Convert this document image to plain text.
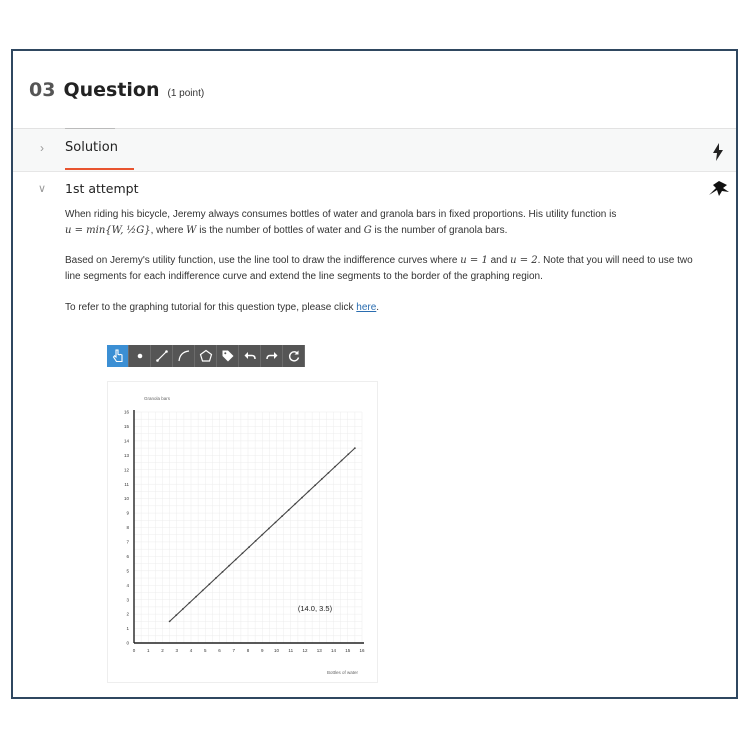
03 Question (1 point)
› Solution
∨ 1st attempt
When riding his bicycle, Jeremy always consumes bottles of water and granola bars in fixed proportions. His utility function is
u = min{W, ½G}, where W is the number of bottles of water and G is the number of granola bars.
Based on Jeremy's utility function, use the line tool to draw the indifference curves where u = 1 and u = 2. Note that you will need to use two line segments for each indifference curve and extend the line segments to the border of the graphing region.
To refer to the graphing tutorial for this question type, please click here.
0
1
2
3
4
5
6
7
8
9
10
11
12
13
14
15
16
0	1	2	3	4	5	6	7	8	9 10 11 12 13 14 15 16
Granola bars
Bottles of water
(14.0, 3.5)
